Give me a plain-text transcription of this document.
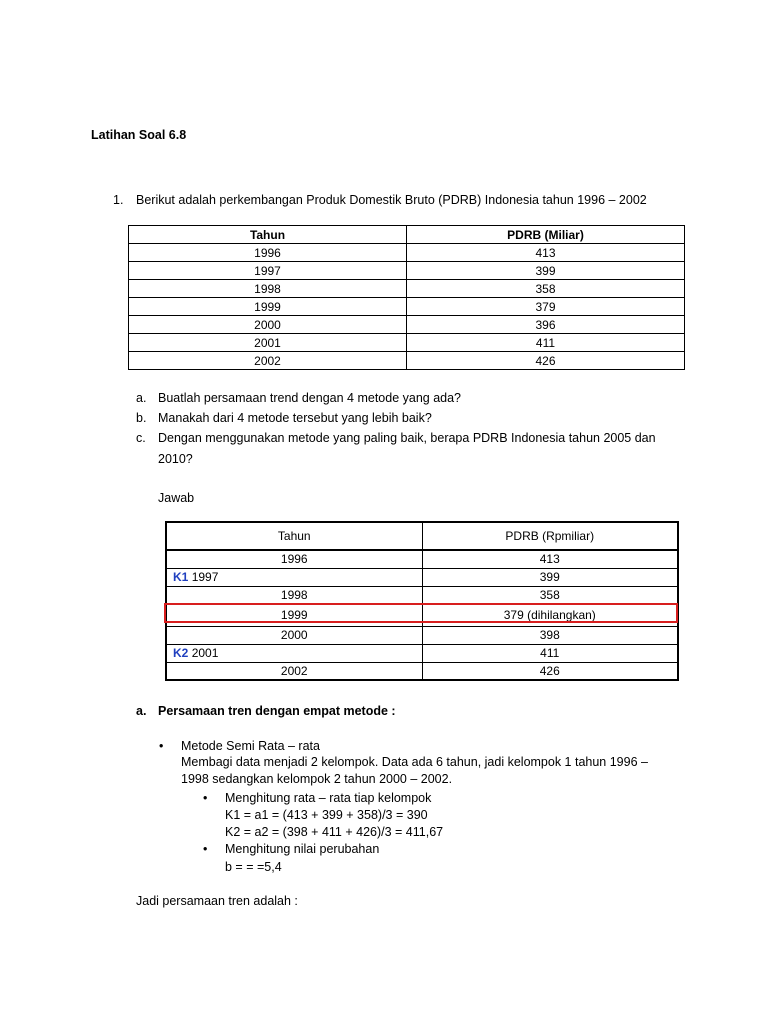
Latihan Soal 6.8
1. Berikut adalah perkembangan Produk Domestik Bruto (PDRB) Indonesia tahun 1996 – 2002
Tahun	PDRB (Miliar)
1996	413
1997	399
1998	358
1999	379
2000	396
2001	411
2002	426
a. Buatlah persamaan trend dengan 4 metode yang ada?
b. Manakah dari 4 metode tersebut yang lebih baik?
c. Dengan menggunakan metode yang paling baik, berapa PDRB Indonesia tahun 2005 dan
2010?
Jawab
Tahun	PDRB (Rpmiliar)
1996	413
K1 1997	399
1998	358
1999	379 (dihilangkan)
2000	398
K2 2001	411
2002	426
a. Persamaan tren dengan empat metode :
• Metode Semi Rata – rata
Membagi data menjadi 2 kelompok. Data ada 6 tahun, jadi kelompok 1 tahun 1996 –
1998 sedangkan kelompok 2 tahun 2000 – 2002.
• Menghitung rata – rata tiap kelompok
K1 = a1 = (413 + 399 + 358)/3 = 390
K2 = a2 = (398 + 411 + 426)/3 = 411,67
• Menghitung nilai perubahan
b = = =5,4
Jadi persamaan tren adalah :
